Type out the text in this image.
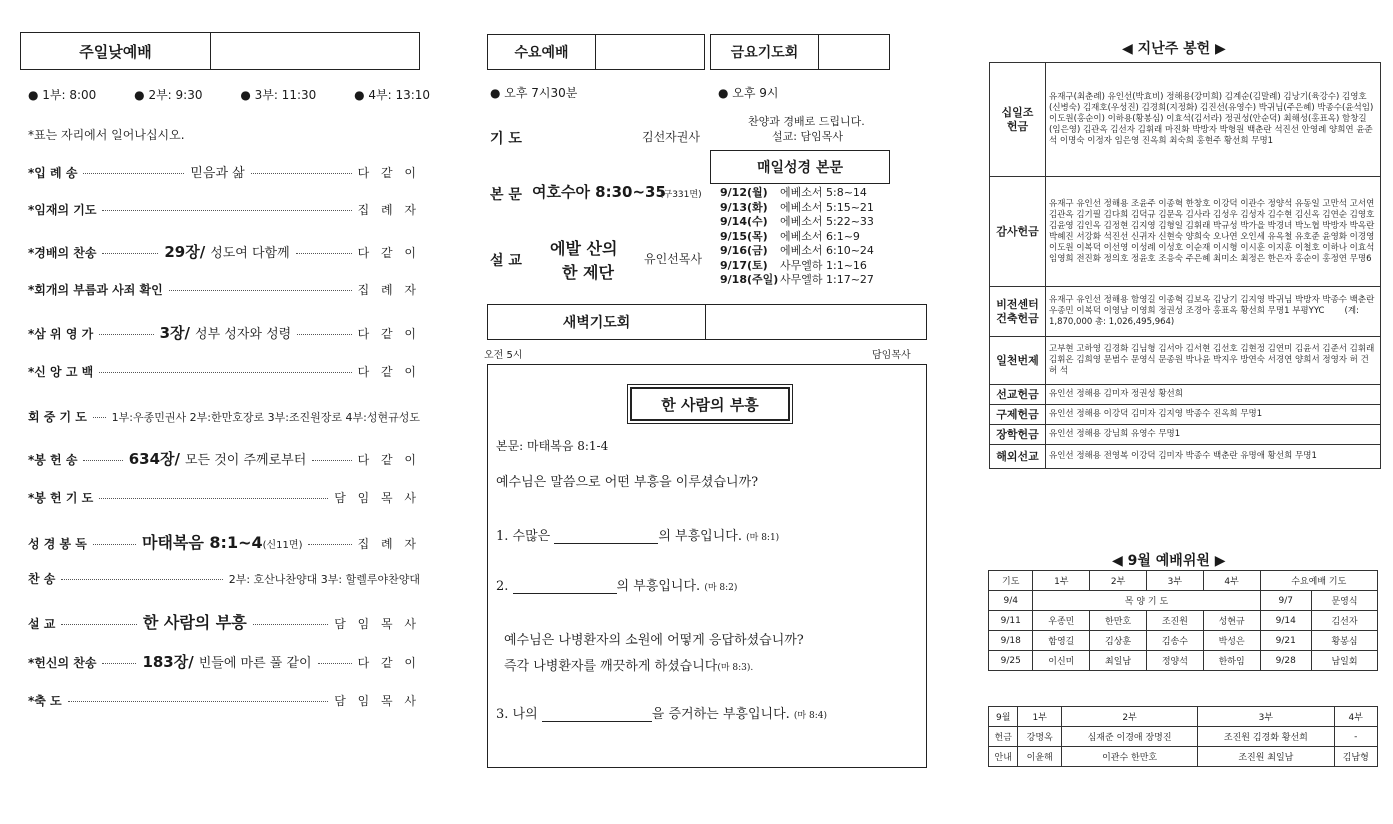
주일낮예배
● 1부: 8:00	● 2부: 9:30	● 3부: 11:30	● 4부: 13:10
*표는 자리에서 일어나십시오.
*입 례 송	믿음과 삶	다 같 이
*임재의 기도	집 례 자
*경배의 찬송	29장/ 성도여 다함께	다 같 이
*회개의 부름과 사죄 확인	집 례 자
*삼 위 영 가	3장/ 성부 성자와 성령	다 같 이
*신 앙 고 백	다 같 이
회 중 기 도 1부:우종민권사 2부:한만호장로 3부:조진원장로 4부:성현규성도
*봉 헌 송	634장/ 모든 것이 주께로부터	다 같 이
*봉 헌 기 도	담 임 목 사
성 경 봉 독	마태복음 8:1~4 (신11면)	집 례 자
찬 송	2부: 호산나찬양대 3부: 할렐루야찬양대
설 교	한 사람의 부흥	담 임 목 사
*헌신의 찬송	183장/ 빈들에 마른 풀 같이	다 같 이
*축 도	담 임 목 사
수요예배	금요기도회
● 오후 7시30분	● 오후 9시
찬양과 경배로 드립니다.
설교: 담임목사
기 도	김선자권사
본 문 여호수아 8:30~35
(구331면)
설 교
에발 산의
한 제단
유인선목사
매일성경 본문
9/12(월)	에베소서 5:8~14
9/13(화)	에베소서 5:15~21
9/14(수)	에베소서 5:22~33
9/15(목)	에베소서 6:1~9
9/16(금)	에베소서 6:10~24
9/17(토)	사무엘하 1:1~16
9/18(주일) 사무엘하 1:17~27
새벽기도회
오전 5시	담임목사
한 사람의 부흥
본문: 마태복음 8:1-4
예수님은 말씀으로 어떤 부흥을 이루셨습니까?
1. 수많은	의 부흥입니다. (마 8:1)
2.	의 부흥입니다. (마 8:2)
예수님은 나병환자의 소원에 어떻게 응답하셨습니까?
즉각 나병환자를 깨끗하게 하셨습니다(마 8:3).
3. 나의	을 증거하는 부흥입니다. (마 8:4)
◀ 지난주 봉헌 ▶
십일조
헌금	유재구(최춘례) 유인선(박효비) 정해용(강미희) 김계순(김말례) 김낭기(육강수) 김영호(신병숙) 김재호(우성진) 김경희(지정화) 김진선(유영수) 박귀님(주은혜) 박종수(윤석임) 이도원(홍순이) 이하용(황봉심) 이효석(김서라) 정권성(안순덕) 최해성(홍표옥) 함창길(임은영) 김관옥 김선자 김휘래 마진화 박방자 박형원 백춘란 석진선 안영례 양희연 윤준석 이명숙 이정자 임은영 진옥희 최숙희 홍현주 황선희 무명1

감사헌금	유재구 유인선 정해용 조윤주 이종혁 한창호 이강덕 이관수 정양석 유동일 고만석 고서연 김관옥 김기필 김다희 김덕규 김문옥 김사라 김성우 김성자 김수현 김신옥 김연순 김영호 김윤영 김인옥 김정현 김지영 김형일 김휘래 박규성 박가을 박경녀 박노협 박방자 박옥란 박혜진 서강화 석진선 신귀자 신현숙 양희숙 오나연 오인세 유옥철 유호준 윤영화 이경영 이도원 이복덕 이선영 이성례 이성호 이순재 이시형 이시훈 이지훈 이철호 이하나 이효석 임영희 전진화 정의호 정윤호 조응숙 주은혜 최미소 최정은 한은자 홍순이 홍정연 무명6

비전센터
건축헌금	유재구 유인선 정해용 함영길 이종혁 김보옥 김낭기 김지영 박귀님 박방자 박종수 백춘란 우종민 이복덕 이영남 이영희 정권성 조경아 홍표옥 황선희 무명1 부평YYC (계: 1,870,000 총: 1,026,495,964)

일천번제	고부현 고하영 김경화 김님형 김서아 김서현 김선호 김현정 김연미 김윤서 김준서 김휘래 김휘온 김희영 문범수 문영식 문종원 박나윤 박지우 방연숙 서경연 양희서 정영자 허 건 허 석

선교헌금	유인선 정해용 김미자 정권성 황선희

구제헌금	유인선 정해용 이강덕 김미자 김지영 박종수 진옥희 무명1

장학헌금	유인선 정해용 강님희 유영수 무명1

해외선교	유인선 정해용 전영복 이강덕 김미자 박종수 백춘란 유명애 황선희 무명1
◀ 9월 예배위원 ▶
기도	1부	2부	3부	4부	수요예배 기도	
9/4	목 양 기 도				9/7	문영식
9/11	우종민	한만호	조진원	성현규	9/14	김선자
9/18	함영길	김상훈	김송수	박성은	9/21	황봉심
9/25	이신미	최일남	정양석	한하임	9/28	남일회
9월	1부	2부	3부	4부
헌금	강명옥	심재준 이경애 장명진	조진원 김경화 황선희	-
안내	이윤해	이관수 한만호	조진원 최일남	김남형
